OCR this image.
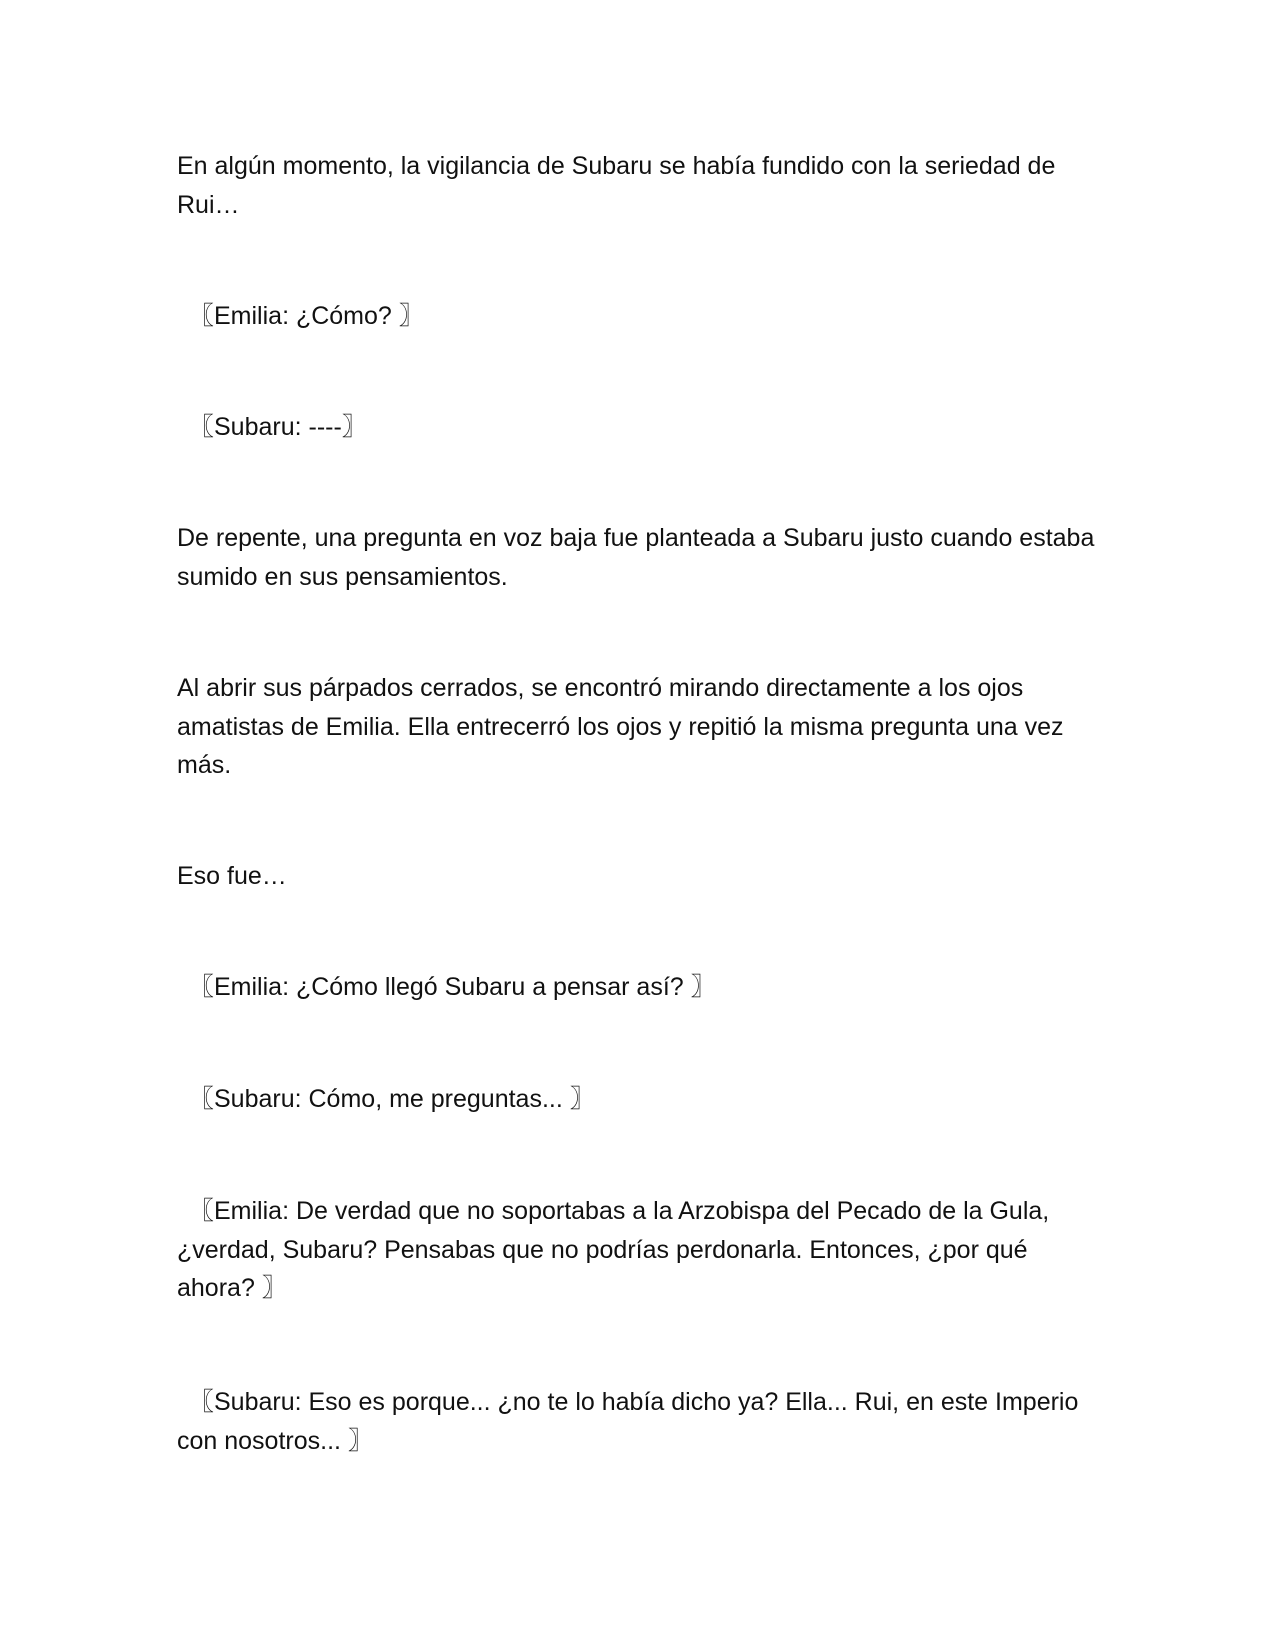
En algún momento, la vigilancia de Subaru se había fundido con la seriedad de Rui…

〖Emilia: ¿Cómo? 〗

〖Subaru: ----〗

De repente, una pregunta en voz baja fue planteada a Subaru justo cuando estaba sumido en sus pensamientos.

Al abrir sus párpados cerrados, se encontró mirando directamente a los ojos amatistas de Emilia. Ella entrecerró los ojos y repitió la misma pregunta una vez más.

Eso fue…

〖Emilia: ¿Cómo llegó Subaru a pensar así? 〗

〖Subaru: Cómo, me preguntas... 〗

〖Emilia: De verdad que no soportabas a la Arzobispa del Pecado de la Gula, ¿verdad, Subaru? Pensabas que no podrías perdonarla. Entonces, ¿por qué ahora? 〗

〖Subaru: Eso es porque... ¿no te lo había dicho ya? Ella... Rui, en este Imperio con nosotros... 〗
